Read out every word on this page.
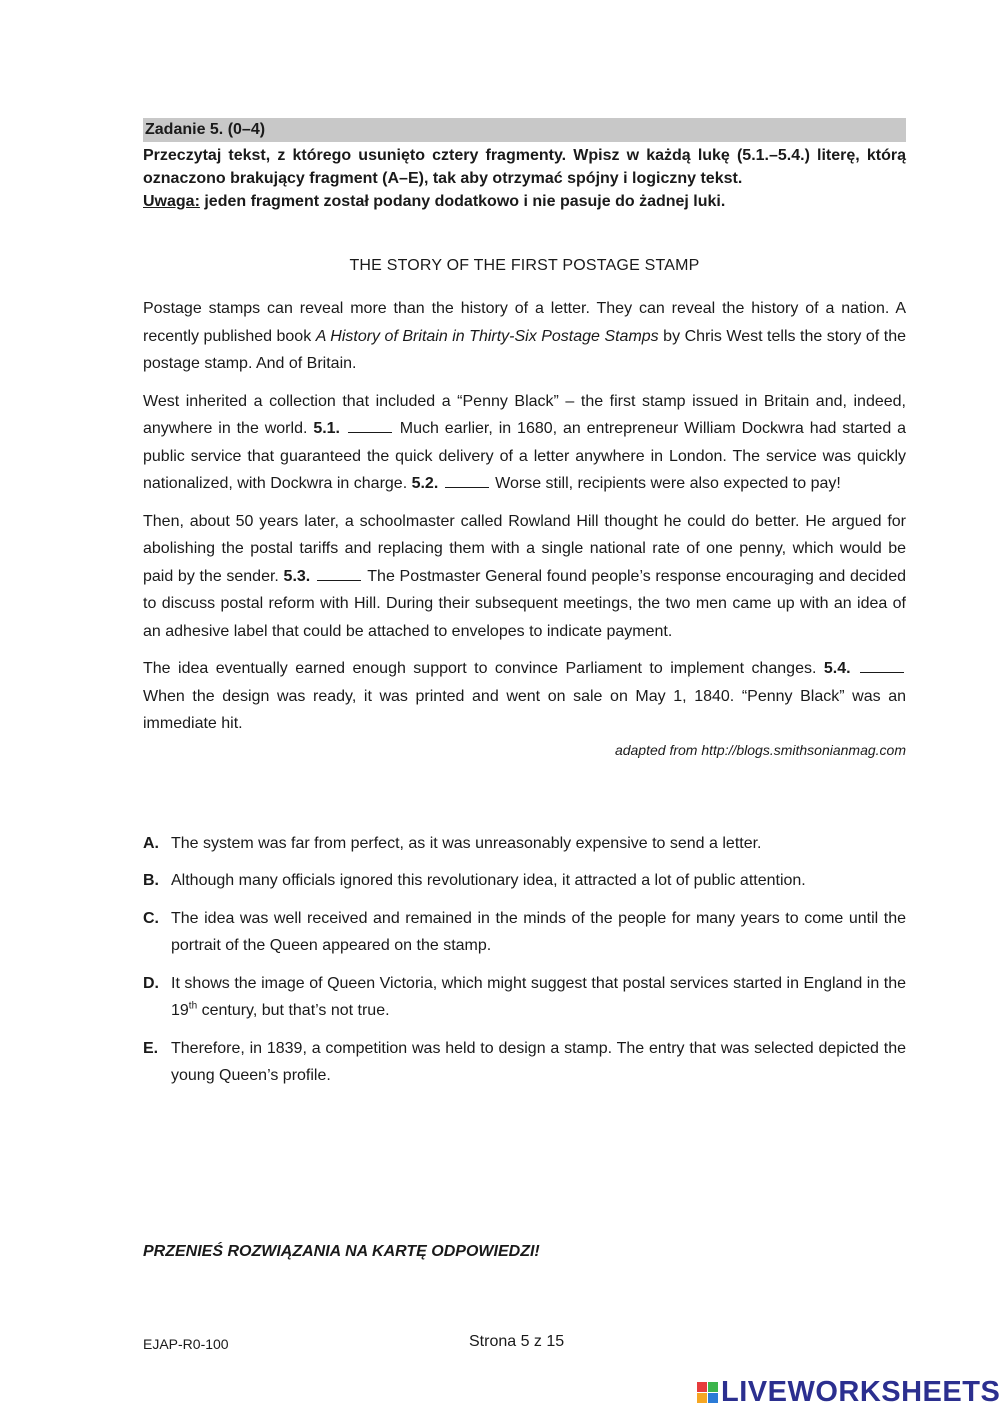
Zadanie 5. (0–4)
Przeczytaj tekst, z którego usunięto cztery fragmenty. Wpisz w każdą lukę (5.1.–5.4.) literę, którą oznaczono brakujący fragment (A–E), tak aby otrzymać spójny i logiczny tekst.
Uwaga: jeden fragment został podany dodatkowo i nie pasuje do żadnej luki.
THE STORY OF THE FIRST POSTAGE STAMP
Postage stamps can reveal more than the history of a letter. They can reveal the history of a nation. A recently published book A History of Britain in Thirty-Six Postage Stamps by Chris West tells the story of the postage stamp. And of Britain.
West inherited a collection that included a “Penny Black” – the first stamp issued in Britain and, indeed, anywhere in the world. 5.1.	Much earlier, in 1680, an entrepreneur William Dockwra had started a public service that guaranteed the quick delivery of a letter anywhere in London. The service was quickly nationalized, with Dockwra in charge. 5.2.	Worse still, recipients were also expected to pay!
Then, about 50 years later, a schoolmaster called Rowland Hill thought he could do better. He argued for abolishing the postal tariffs and replacing them with a single national rate of one penny, which would be paid by the sender. 5.3.	The Postmaster General found people’s response encouraging and decided to discuss postal reform with Hill. During their subsequent meetings, the two men came up with an idea of an adhesive label that could be attached to envelopes to indicate payment.
The idea eventually earned enough support to convince Parliament to implement changes. 5.4.  When the design was ready, it was printed and went on sale on May 1, 1840. “Penny Black” was an immediate hit.
adapted from http://blogs.smithsonianmag.com
A. The system was far from perfect, as it was unreasonably expensive to send a letter.
B. Although many officials ignored this revolutionary idea, it attracted a lot of public attention.
C. The idea was well received and remained in the minds of the people for many years to come until the portrait of the Queen appeared on the stamp.
D. It shows the image of Queen Victoria, which might suggest that postal services started in England in the 19th century, but that’s not true.
E. Therefore, in 1839, a competition was held to design a stamp. The entry that was selected depicted the young Queen’s profile.
PRZENIEŚ ROZWIĄZANIA NA KARTĘ ODPOWIEDZI!
EJAP-R0-100	Strona 5 z 15
LIVEWORKSHEETS
